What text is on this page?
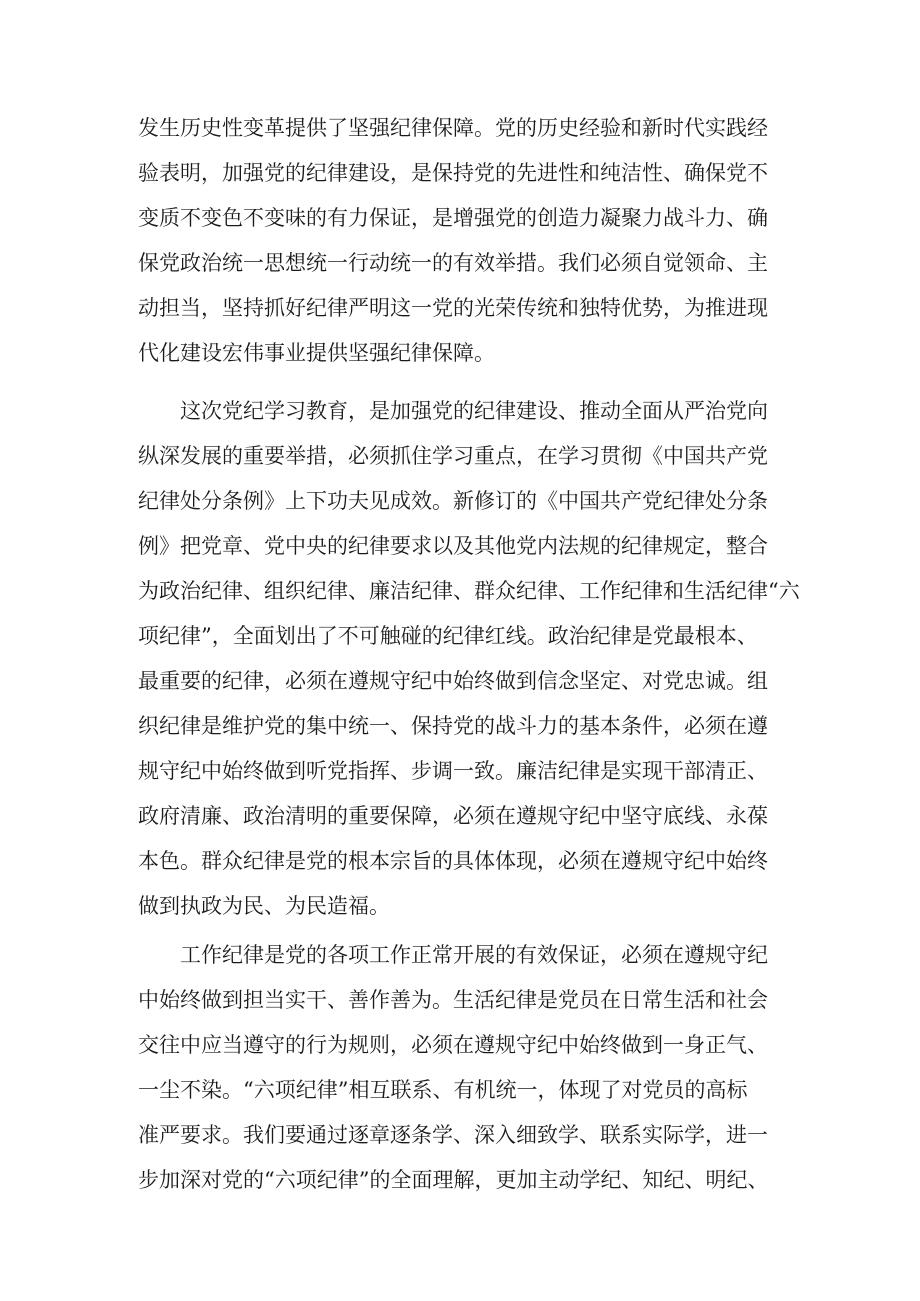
发生历史性变革提供了坚强纪律保障。党的历史经验和新时代实践经
验表明，加强党的纪律建设，是保持党的先进性和纯洁性、确保党不
变质不变色不变味的有力保证，是增强党的创造力凝聚力战斗力、确
保党政治统一思想统一行动统一的有效举措。我们必须自觉领命、主
动担当，坚持抓好纪律严明这一党的光荣传统和独特优势，为推进现
代化建设宏伟事业提供坚强纪律保障。
　　这次党纪学习教育，是加强党的纪律建设、推动全面从严治党向
纵深发展的重要举措，必须抓住学习重点，在学习贯彻《中国共产党
纪律处分条例》上下功夫见成效。新修订的《中国共产党纪律处分条
例》把党章、党中央的纪律要求以及其他党内法规的纪律规定，整合
为政治纪律、组织纪律、廉洁纪律、群众纪律、工作纪律和生活纪律“六
项纪律”，全面划出了不可触碰的纪律红线。政治纪律是党最根本、
最重要的纪律，必须在遵规守纪中始终做到信念坚定、对党忠诚。组
织纪律是维护党的集中统一、保持党的战斗力的基本条件，必须在遵
规守纪中始终做到听党指挥、步调一致。廉洁纪律是实现干部清正、
政府清廉、政治清明的重要保障，必须在遵规守纪中坚守底线、永葆
本色。群众纪律是党的根本宗旨的具体体现，必须在遵规守纪中始终
做到执政为民、为民造福。
　　工作纪律是党的各项工作正常开展的有效保证，必须在遵规守纪
中始终做到担当实干、善作善为。生活纪律是党员在日常生活和社会
交往中应当遵守的行为规则，必须在遵规守纪中始终做到一身正气、
一尘不染。“六项纪律”相互联系、有机统一，体现了对党员的高标
准严要求。我们要通过逐章逐条学、深入细致学、联系实际学，进一
步加深对党的“六项纪律”的全面理解，更加主动学纪、知纪、明纪、
